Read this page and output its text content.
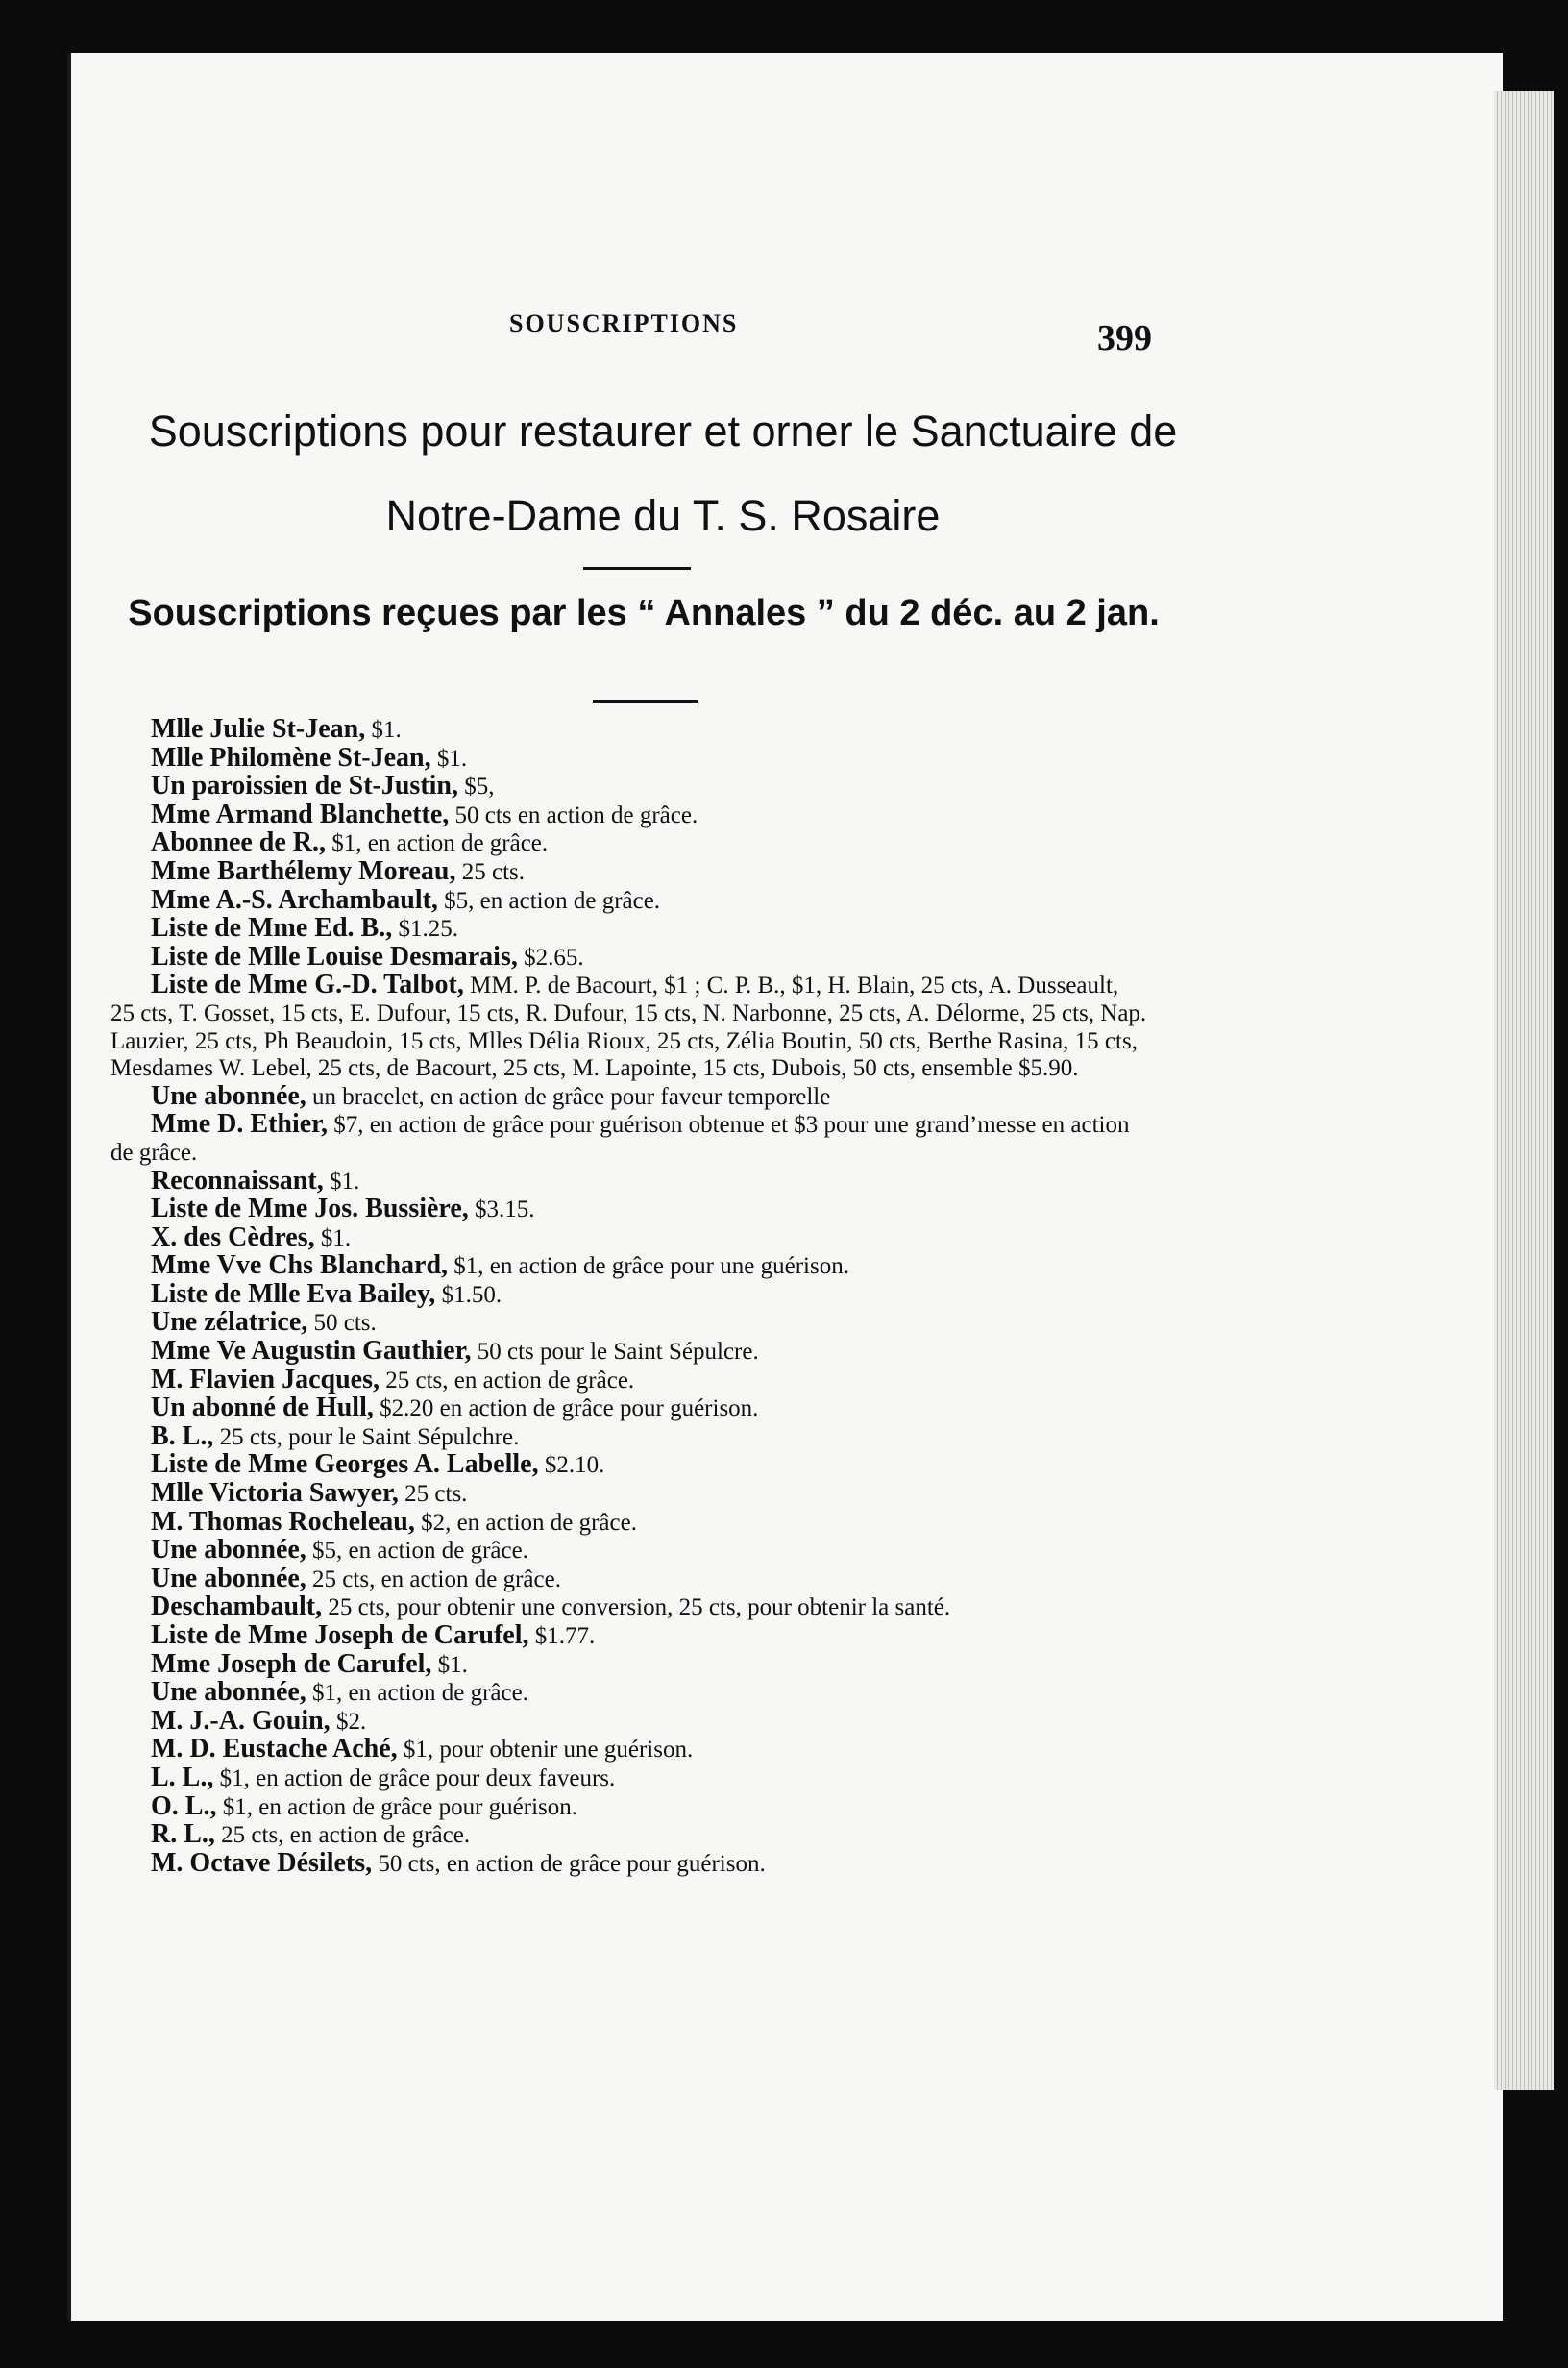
SOUSCRIPTIONS	399
Souscriptions pour restaurer et orner le Sanctuaire de
Notre-Dame du T. S. Rosaire
Souscriptions reçues par les “ Annales ” du 2 déc. au 2 jan.

Mlle Julie St-Jean, $1.

Mlle Philomène St-Jean, $1.

Un paroissien de St-Justin, $5,

Mme Armand Blanchette, 50 cts en action de grâce.

Abonnee de R., $1, en action de grâce.

Mme Barthélemy Moreau, 25 cts.

Mme A.-S. Archambault, $5, en action de grâce.

Liste de Mme Ed. B., $1.25.

Liste de Mlle Louise Desmarais, $2.65.

Liste de Mme G.-D. Talbot, MM. P. de Bacourt, $1 ; C. P. B., $1, H. Blain, 25 cts, A. Dusseault, 25 cts, T. Gosset, 15 cts, E. Dufour, 15 cts, R. Dufour, 15 cts, N. Narbonne, 25 cts, A. Délorme, 25 cts, Nap. Lauzier, 25 cts, Ph Beaudoin, 15 cts, Mlles Délia Rioux, 25 cts, Zélia Boutin, 50 cts, Berthe Rasina, 15 cts, Mesdames W. Lebel, 25 cts, de Bacourt, 25 cts, M. Lapointe, 15 cts, Dubois, 50 cts, ensemble $5.90.

Une abonnée, un bracelet, en action de grâce pour faveur temporelle

Mme D. Ethier, $7, en action de grâce pour guérison obtenue et $3 pour une grand’messe en action de grâce.

Reconnaissant, $1.

Liste de Mme Jos. Bussière, $3.15.

X. des Cèdres, $1.

Mme Vve Chs Blanchard, $1, en action de grâce pour une guérison.

Liste de Mlle Eva Bailey, $1.50.

Une zélatrice, 50 cts.

Mme Ve Augustin Gauthier, 50 cts pour le Saint Sépulcre.

M. Flavien Jacques, 25 cts, en action de grâce.

Un abonné de Hull, $2.20 en action de grâce pour guérison.

B. L., 25 cts, pour le Saint Sépulchre.

Liste de Mme Georges A. Labelle, $2.10.

Mlle Victoria Sawyer, 25 cts.

M. Thomas Rocheleau, $2, en action de grâce.

Une abonnée, $5, en action de grâce.

Une abonnée, 25 cts, en action de grâce.

Deschambault, 25 cts, pour obtenir une conversion, 25 cts, pour obtenir la santé.

Liste de Mme Joseph de Carufel, $1.77.

Mme Joseph de Carufel, $1.

Une abonnée, $1, en action de grâce.

M. J.-A. Gouin, $2.

M. D. Eustache Aché, $1, pour obtenir une guérison.

L. L., $1, en action de grâce pour deux faveurs.

O. L., $1, en action de grâce pour guérison.

R. L., 25 cts, en action de grâce.

M. Octave Désilets, 50 cts, en action de grâce pour guérison.
